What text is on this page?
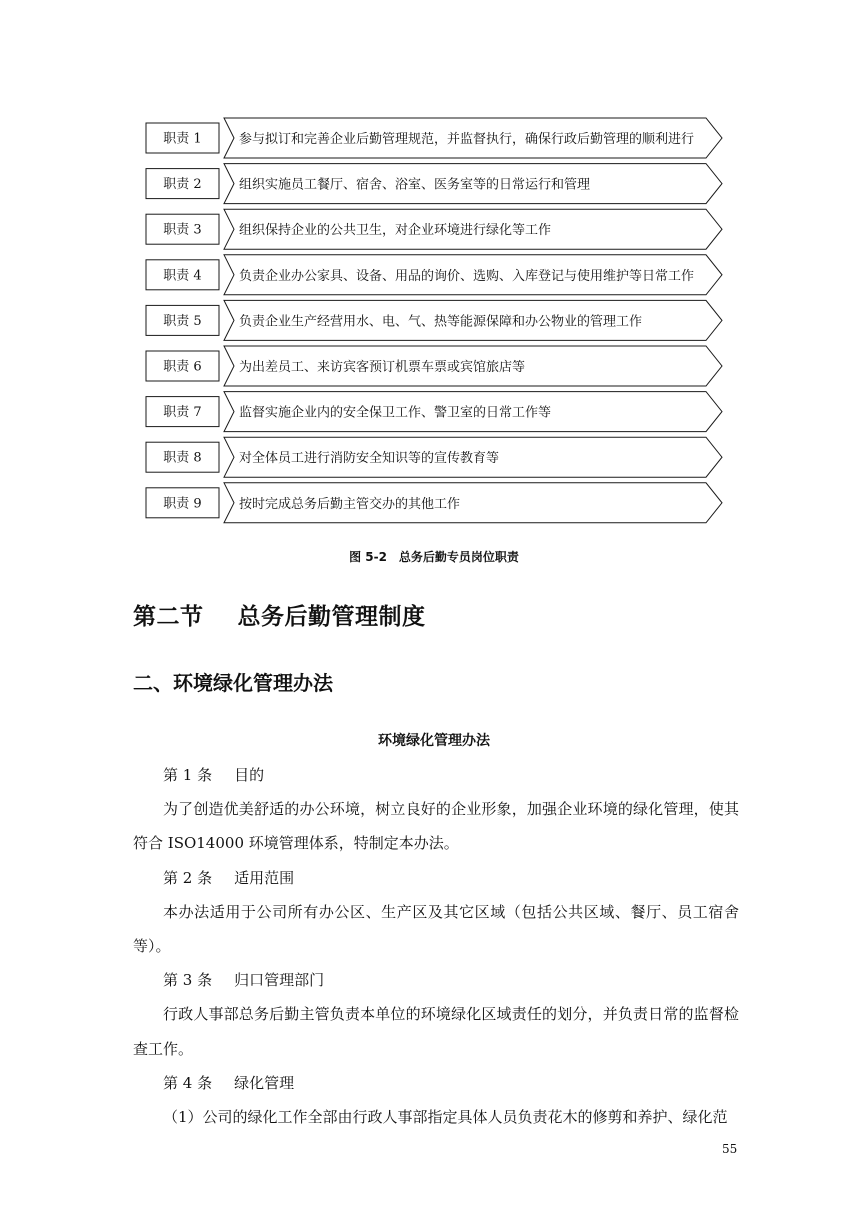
职责 1	参与拟订和完善企业后勤管理规范，并监督执行，确保行政后勤管理的顺利进行
职责 2	组织实施员工餐厅、宿舍、浴室、医务室等的日常运行和管理
职责 3	组织保持企业的公共卫生，对企业环境进行绿化等工作
职责 4	负责企业办公家具、设备、用品的询价、选购、入库登记与使用维护等日常工作
职责 5	负责企业生产经营用水、电、气、热等能源保障和办公物业的管理工作
职责 6	为出差员工、来访宾客预订机票车票或宾馆旅店等
职责 7	监督实施企业内的安全保卫工作、警卫室的日常工作等
职责 8	对全体员工进行消防安全知识等的宣传教育等
职责 9	按时完成总务后勤主管交办的其他工作
图 5-2　总务后勤专员岗位职责
第二节 总务后勤管理制度
二、环境绿化管理办法
环境绿化管理办法

第 1 条 目的

为了创造优美舒适的办公环境，树立良好的企业形象，加强企业环境的绿化管理，使其符合 ISO14000 环境管理体系，特制定本办法。

第 2 条 适用范围

本办法适用于公司所有办公区、生产区及其它区域（包括公共区域、餐厅、员工宿舍等）。

第 3 条 归口管理部门

行政人事部总务后勤主管负责本单位的环境绿化区域责任的划分，并负责日常的监督检查工作。

第 4 条 绿化管理

（1）公司的绿化工作全部由行政人事部指定具体人员负责花木的修剪和养护、绿化范

55
